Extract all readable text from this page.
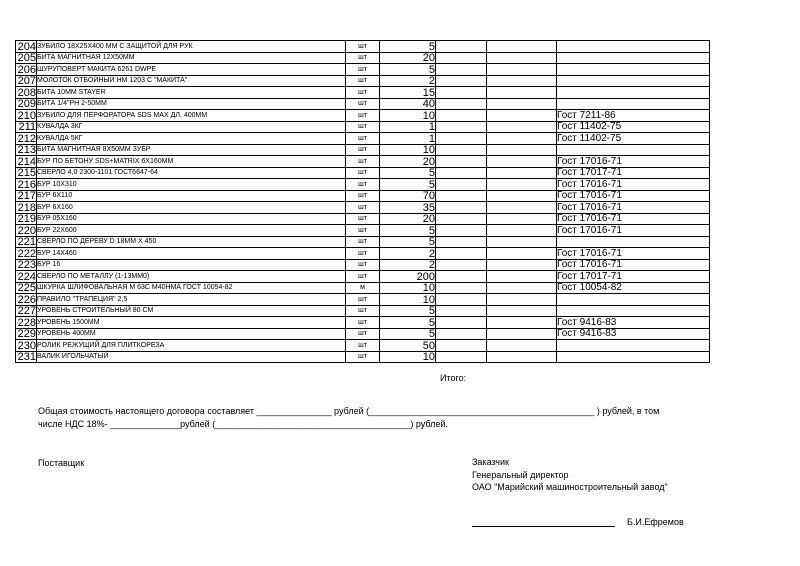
204	ЗУБИЛО 18X25X400 ММ С ЗАЩИТОЙ ДЛЯ РУК	шт	5			
205	БИТА МАГНИТНАЯ 12Х50ММ	шт	20			
206	ШУРУПОВЕРТ МАКИТА 6261 DWPE	шт	5			
207	МОЛОТОК ОТБОЙНЫЙ HM 1203 С "МАКИТА"	шт	2			
208	БИТА 10ММ STAYER	шт	15			
209	БИТА 1/4"PH 2-50ММ	шт	40			
210	ЗУБИЛО ДЛЯ ПЕРФОРАТОРА SDS MAX ДЛ. 400ММ	шт	10			Гост 7211-86
211	КУВАЛДА 3КГ	шт	1			Гост 11402-75
212	КУВАЛДА 5КГ	шт	1			Гост 11402-75
213	БИТА МАГНИТНАЯ 8Х50ММ ЗУБР	шт	10			
214	БУР ПО БЕТОНУ SDS+MATRIX 6X160ММ	шт	20			Гост 17016-71
215	СВЕРЛО 4,0 2300-1101 ГОСТ6647-64	шт	5			Гост 17017-71
216	БУР 10Х310	шт	5			Гост 17016-71
217	БУР 6Х110	шт	70			Гост 17016-71
218	БУР 6Х160	шт	35			Гост 17016-71
219	БУР 05Х160	шт	20			Гост 17016-71
220	БУР 22Х600	шт	5			Гост 17016-71
221	СВЕРЛО ПО ДЕРЕВУ D 18ММ X 450	шт	5			
222	БУР 14Х460	шт	2			Гост 17016-71
223	БУР 16	шт	2			Гост 17016-71
224	СВЕРЛО ПО МЕТАЛЛУ (1-13ММ0)	шт	200			Гост 17017-71
225	ШКУРКА ШЛИФОВАЛЬНАЯ М 63С М40НМА ГОСТ 10054-82	м	10			Гост 10054-82
226	ПРАВИЛО "ТРАПЕЦИЯ" 2,5	шт	10			
227	УРОВЕНЬ СТРОИТЕЛЬНЫЙ 80 СМ	шт	5			
228	УРОВЕНЬ 1500ММ	шт	5			Гост 9416-83
229	УРОВЕНЬ 400ММ	шт	5			Гост 9416-83
230	РОЛИК РЕЖУЩИЙ ДЛЯ ПЛИТКОРЕЗА	шт	50			
231	ВАЛИК ИГОЛЬЧАТЫЙ	шт	10			
Итого:
Общая стоимость настоящего договора составляет _______________ рублей (_____________________________________________ ) рублей, в том
числе НДС 18%- ______________рублей (_______________________________________) рублей.
Поставщик	Заказчик
Генеральный директор
ОАО "Марийский машиностроительный завод"
Б.И.Ефремов
